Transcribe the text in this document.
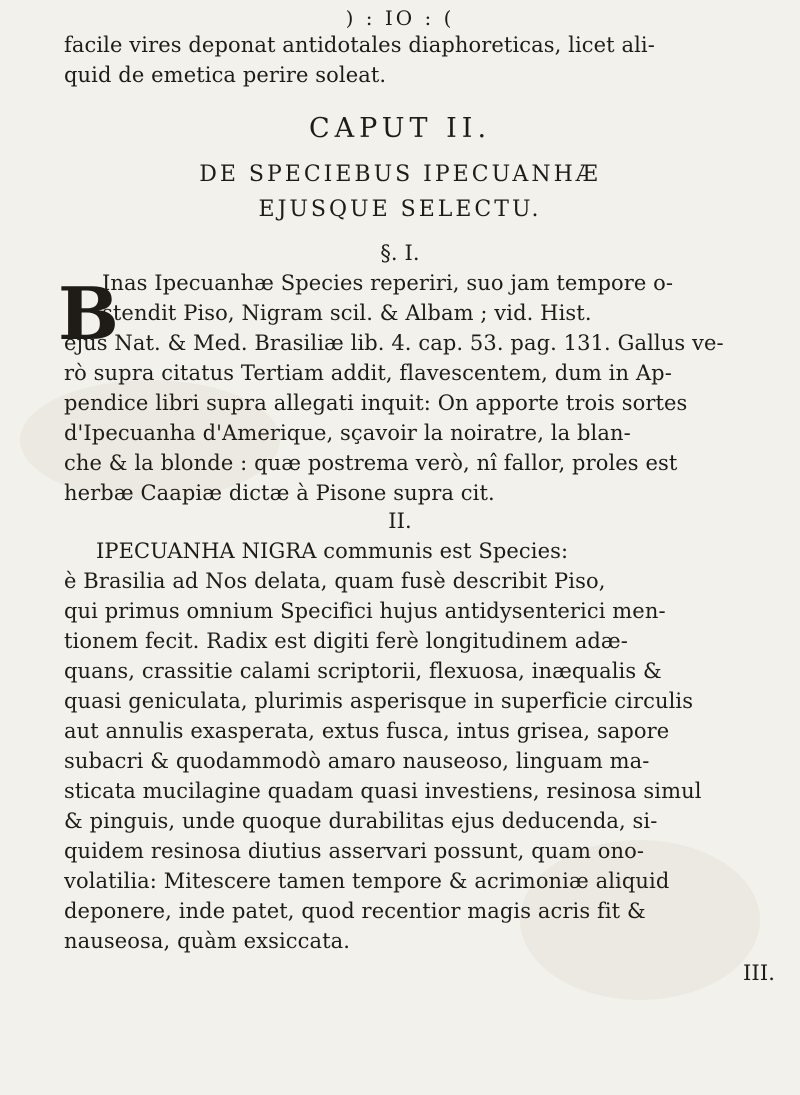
) : IO : (
facile vires deponat antidotales diaphoreticas, licet ali-
quid de emetica perire soleat.
CAPUT II.
DE SPECIEBUS IPECUANHÆ
EJUSQUE SELECTU.
§. I.
B
Inas Ipecuanhæ Species reperiri, suo jam tempore o-
stendit Piso, Nigram scil. & Albam ; vid. Hist.
ejus Nat. & Med. Brasiliæ lib. 4. cap. 53. pag. 131. Gallus ve-
rò supra citatus Tertiam addit, flavescentem, dum in Ap-
pendice libri supra allegati inquit: On apporte trois sortes
d'Ipecuanha d'Amerique, sçavoir la noiratre, la blan-
che & la blonde : quæ postrema verò, nî fallor, proles est
herbæ Caapiæ dictæ à Pisone supra cit.
II.
IPECUANHA NIGRA communis est Species:
è Brasilia ad Nos delata, quam fusè describit Piso,
qui primus omnium Specifici hujus antidysenterici men-
tionem fecit. Radix est digiti ferè longitudinem adæ-
quans, crassitie calami scriptorii, flexuosa, inæqualis &
quasi geniculata, plurimis asperisque in superficie circulis
aut annulis exasperata, extus fusca, intus grisea, sapore
subacri & quodammodò amaro nauseoso, linguam ma-
sticata mucilagine quadam quasi investiens, resinosa simul
& pinguis, unde quoque durabilitas ejus deducenda, si-
quidem resinosa diutius asservari possunt, quam ono-
volatilia: Mitescere tamen tempore & acrimoniæ aliquid
deponere, inde patet, quod recentior magis acris fit &
nauseosa, quàm exsiccata.
III.
